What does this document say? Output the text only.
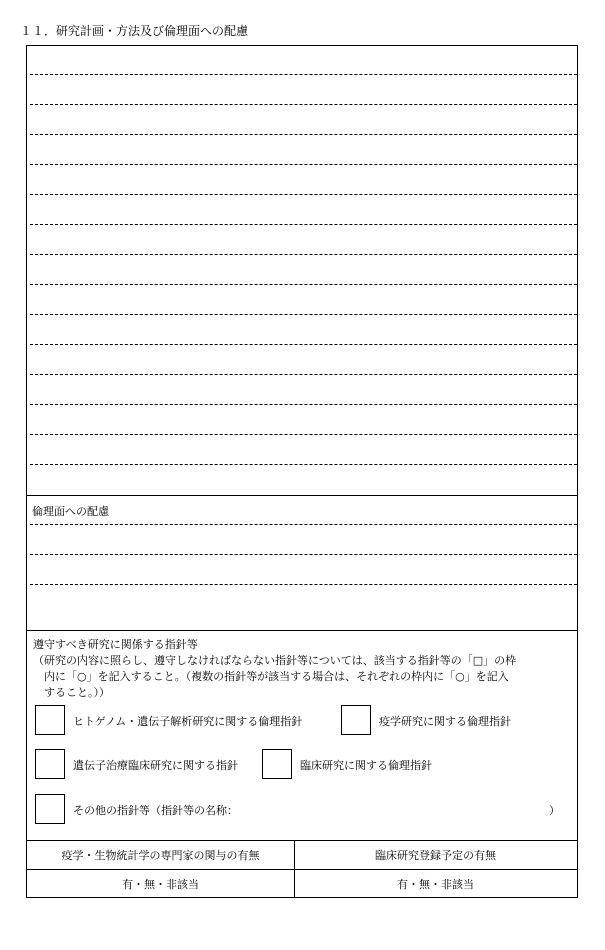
１１．研究計画・方法及び倫理面への配慮
倫理面への配慮
遵守すべき研究に関係する指針等
（研究の内容に照らし、遵守しなければならない指針等については、該当する指針等の「□」の枠
　内に「○」を記入すること。（複数の指針等が該当する場合は、それぞれの枠内に「○」を記入
　すること。））
ヒトゲノム・遺伝子解析研究に関する倫理指針	疫学研究に関する倫理指針
遺伝子治療臨床研究に関する指針	臨床研究に関する倫理指針
その他の指針等（指針等の名称：	）
疫学・生物統計学の専門家の関与の有無	臨床研究登録予定の有無
有・無・非該当	有・無・非該当
